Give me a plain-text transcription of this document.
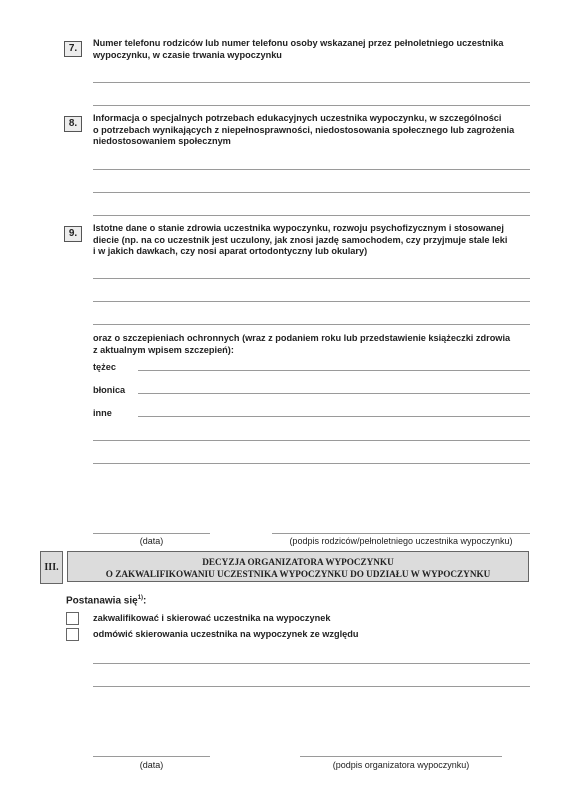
7.	Numer telefonu rodziców lub numer telefonu osoby wskazanej przez pełnoletniego uczestnika
wypoczynku, w czasie trwania wypoczynku
8.	Informacja o specjalnych potrzebach edukacyjnych uczestnika wypoczynku, w szczególności
o potrzebach wynikających z niepełnosprawności, niedostosowania społecznego lub zagrożenia
niedostosowaniem społecznym
9.	Istotne dane o stanie zdrowia uczestnika wypoczynku, rozwoju psychofizycznym i stosowanej
diecie (np. na co uczestnik jest uczulony, jak znosi jazdę samochodem, czy przyjmuje stale leki
i w jakich dawkach, czy nosi aparat ortodontyczny lub okulary)
oraz o szczepieniach ochronnych (wraz z podaniem roku lub przedstawienie książeczki zdrowia
z aktualnym wpisem szczepień):
tężec
błonica
inne
(data)	(podpis rodziców/pełnoletniego uczestnika wypoczynku)
III.	DECYZJA ORGANIZATORA WYPOCZYNKU
O ZAKWALIFIKOWANIU UCZESTNIKA WYPOCZYNKU DO UDZIAŁU W WYPOCZYNKU
Postanawia się$^{1)}$:
zakwalifikować i skierować uczestnika na wypoczynek
odmówić skierowania uczestnika na wypoczynek ze względu
(data)	(podpis organizatora wypoczynku)
